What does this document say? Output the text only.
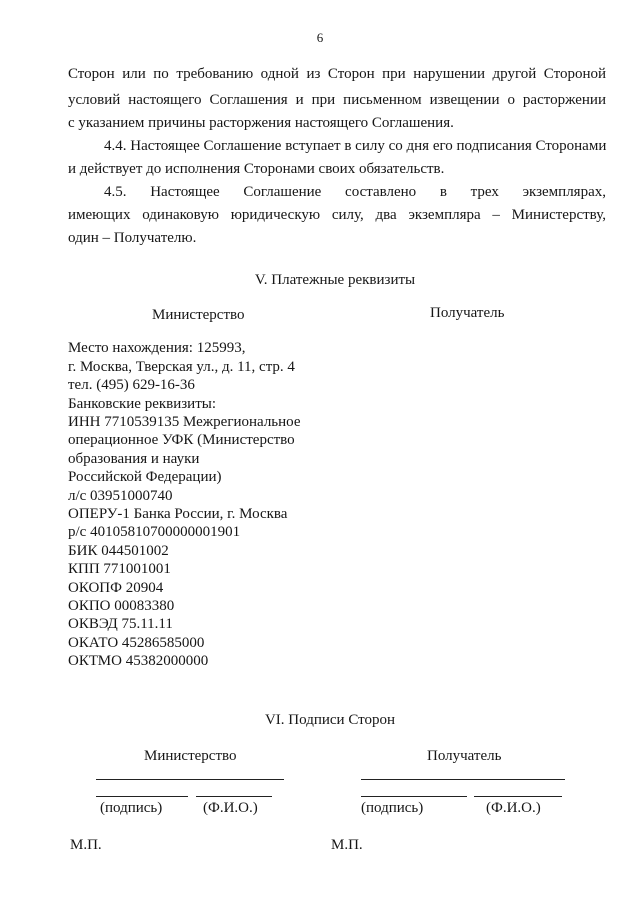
6
Сторон или по требованию одной из Сторон при нарушении другой Стороной
условий настоящего Соглашения и при письменном извещении о расторжении
с указанием причины расторжения настоящего Соглашения.
4.4. Настоящее Соглашение вступает в силу со дня его подписания Сторонами
и действует до исполнения Сторонами своих обязательств.
4.5. Настоящее Соглашение составлено в трех экземплярах,
имеющих одинаковую юридическую силу, два экземпляра – Министерству,
один – Получателю.
V. Платежные реквизиты
Министерство	Получатель
Место нахождения: 125993,
г. Москва, Тверская ул., д. 11, стр. 4
тел. (495) 629-16-36
Банковские реквизиты:
ИНН 7710539135 Межрегиональное
операционное УФК (Министерство
образования и науки
Российской Федерации)
л/с 03951000740
ОПЕРУ-1 Банка России, г. Москва
р/с 40105810700000001901
БИК 044501002
КПП 771001001
ОКОПФ 20904
ОКПО 00083380
ОКВЭД 75.11.11
ОКАТО 45286585000
ОКТМО 45382000000
VI. Подписи Сторон
Министерство	Получатель
(подпись)	(Ф.И.О.)	(подпись)	(Ф.И.О.)
М.П.	М.П.
